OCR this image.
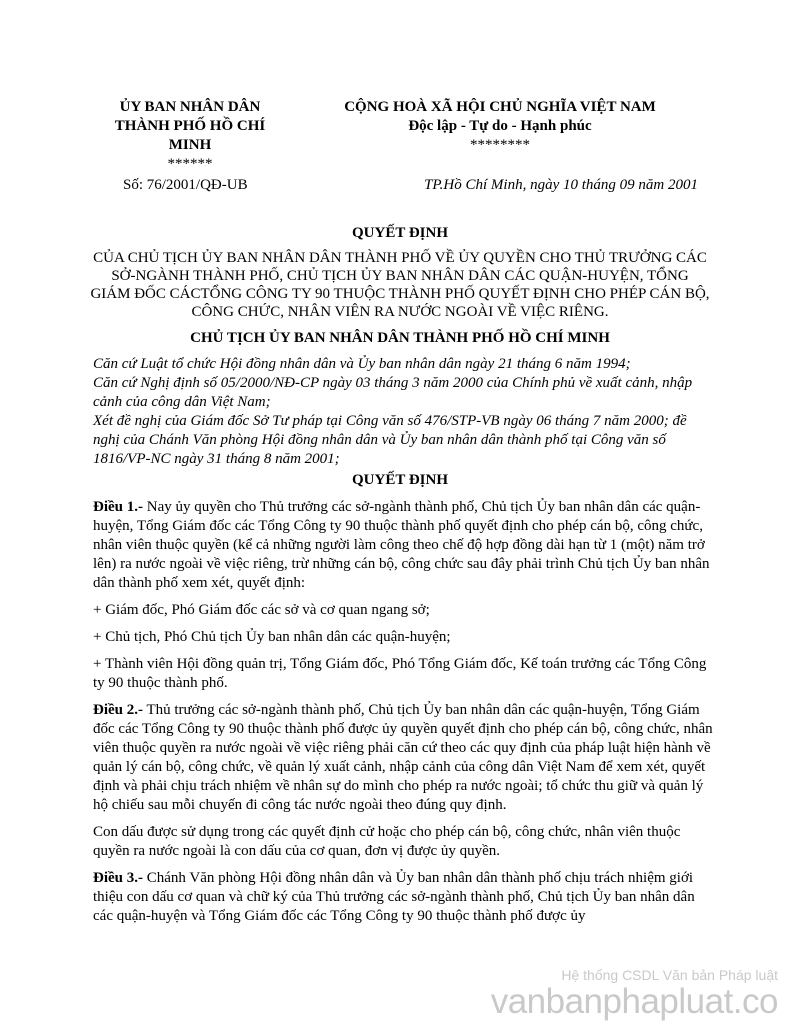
ỦY BAN NHÂN DÂN
THÀNH PHỐ HỒ CHÍ
MINH
******
CỘNG HOÀ XÃ HỘI CHỦ NGHĨA VIỆT NAM
Độc lập - Tự do - Hạnh phúc
********
Số: 76/2001/QĐ-UB	TP.Hồ Chí Minh, ngày 10 tháng 09 năm 2001
QUYẾT ĐỊNH
CỦA CHỦ TỊCH ỦY BAN NHÂN DÂN THÀNH PHỐ VỀ ỦY QUYỀN CHO THỦ TRƯỞNG CÁC SỞ-NGÀNH THÀNH PHỐ, CHỦ TỊCH ỦY BAN NHÂN DÂN CÁC QUẬN-HUYỆN, TỔNG GIÁM ĐỐC CÁCTỔNG CÔNG TY 90 THUỘC THÀNH PHỐ QUYẾT ĐỊNH CHO PHÉP CÁN BỘ, CÔNG CHỨC, NHÂN VIÊN RA NƯỚC NGOÀI VỀ VIỆC RIÊNG.
CHỦ TỊCH ỦY BAN NHÂN DÂN THÀNH PHỐ HỒ CHÍ MINH

Căn cứ Luật tổ chức Hội đồng nhân dân và Ủy ban nhân dân ngày 21 tháng 6 năm 1994;

Căn cứ Nghị định số 05/2000/NĐ-CP ngày 03 tháng 3 năm 2000 của Chính phủ về xuất cảnh, nhập cảnh của công dân Việt Nam;

Xét đề nghị của Giám đốc Sở Tư pháp tại Công văn số 476/STP-VB ngày 06 tháng 7 năm 2000; đề nghị của Chánh Văn phòng Hội đồng nhân dân và Ủy ban nhân dân thành phố tại Công văn số 1816/VP-NC ngày 31 tháng 8 năm 2001;

QUYẾT ĐỊNH

Điều 1.- Nay ủy quyền cho Thủ trưởng các sở-ngành thành phố, Chủ tịch Ủy ban nhân dân các quận-huyện, Tổng Giám đốc các Tổng Công ty 90 thuộc thành phố quyết định cho phép cán bộ, công chức, nhân viên thuộc quyền (kể cả những người làm công theo chế độ hợp đồng dài hạn từ 1 (một) năm trở lên) ra nước ngoài về việc riêng, trừ những cán bộ, công chức sau đây phải trình Chủ tịch Ủy ban nhân dân thành phố xem xét, quyết định:

+ Giám đốc, Phó Giám đốc các sở và cơ quan ngang sở;

+ Chủ tịch, Phó Chủ tịch Ủy ban nhân dân các quận-huyện;

+ Thành viên Hội đồng quản trị, Tổng Giám đốc, Phó Tổng Giám đốc, Kế toán trưởng các Tổng Công ty 90 thuộc thành phố.

Điều 2.- Thủ trưởng các sở-ngành thành phố, Chủ tịch Ủy ban nhân dân các quận-huyện, Tổng Giám đốc các Tổng Công ty 90 thuộc thành phố được ủy quyền quyết định cho phép cán bộ, công chức, nhân viên thuộc quyền ra nước ngoài về việc riêng phải căn cứ theo các quy định của pháp luật hiện hành về quản lý cán bộ, công chức, về quản lý xuất cảnh, nhập cảnh của công dân Việt Nam để xem xét, quyết định và phải chịu trách nhiệm về nhân sự do mình cho phép ra nước ngoài; tổ chức thu giữ và quản lý hộ chiếu sau mỗi chuyến đi công tác nước ngoài theo đúng quy định.

Con dấu được sử dụng trong các quyết định cử hoặc cho phép cán bộ, công chức, nhân viên thuộc quyền ra nước ngoài là con dấu của cơ quan, đơn vị được ủy quyền.

Điều 3.- Chánh Văn phòng Hội đồng nhân dân và Ủy ban nhân dân thành phố chịu trách nhiệm giới thiệu con dấu cơ quan và chữ ký của Thủ trưởng các sở-ngành thành phố, Chủ tịch Ủy ban nhân dân các quận-huyện và Tổng Giám đốc các Tổng Công ty 90 thuộc thành phố được ủy

Hệ thống CSDL Văn bản Pháp luật
vanbanphapluat.co
